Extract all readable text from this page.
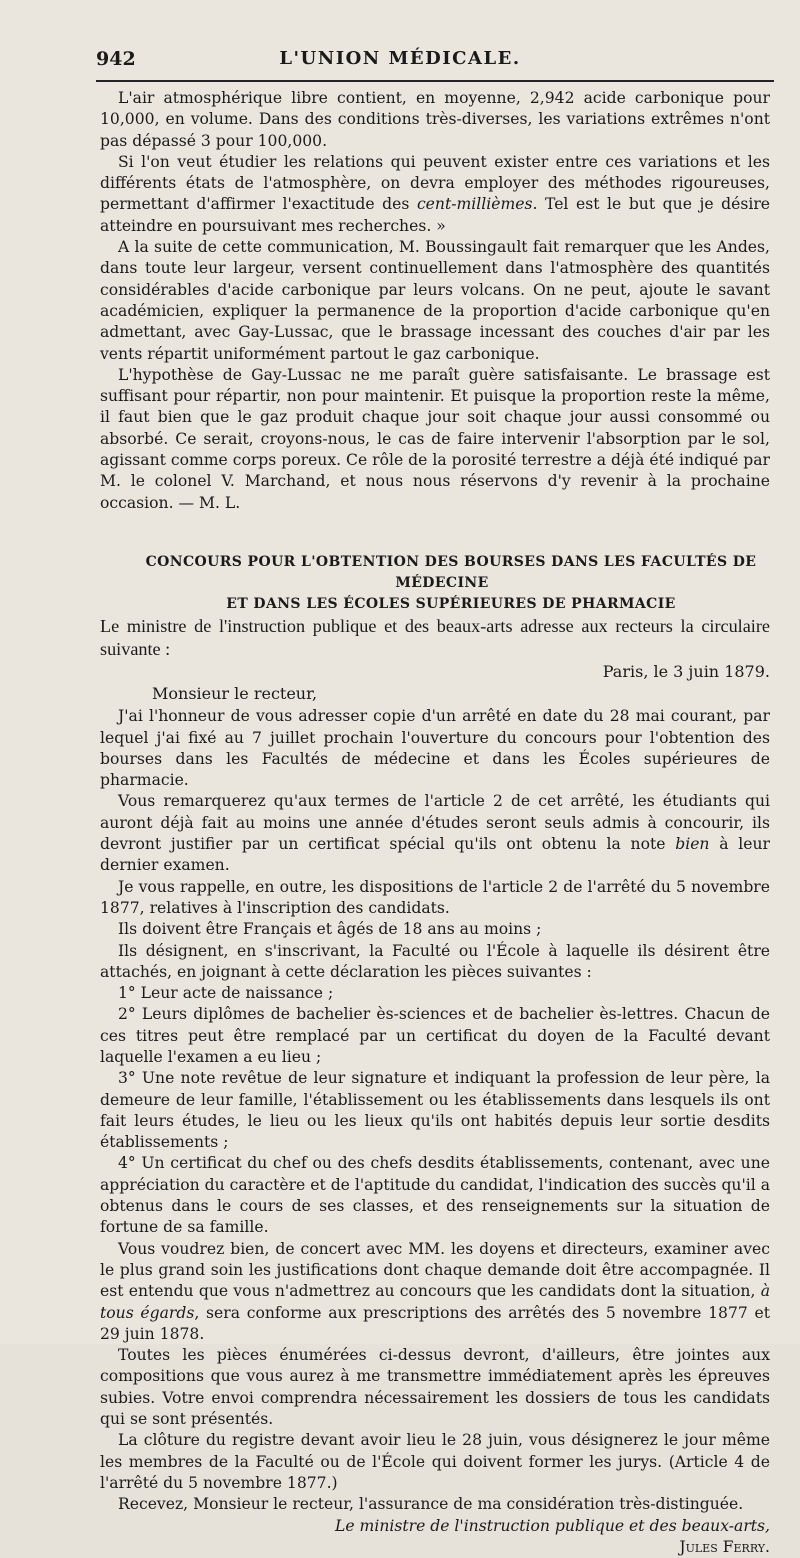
942	L'UNION MÉDICALE.

L'air atmosphérique libre contient, en moyenne, 2,942 acide carbonique pour 10,000, en volume. Dans des conditions très-diverses, les variations extrêmes n'ont pas dépassé 3 pour 100,000.

Si l'on veut étudier les relations qui peuvent exister entre ces variations et les différents états de l'atmosphère, on devra employer des méthodes rigoureuses, permettant d'affirmer l'exactitude des cent-millièmes. Tel est le but que je désire atteindre en poursuivant mes recherches. »

A la suite de cette communication, M. Boussingault fait remarquer que les Andes, dans toute leur largeur, versent continuellement dans l'atmosphère des quantités considérables d'acide carbonique par leurs volcans. On ne peut, ajoute le savant académicien, expliquer la permanence de la proportion d'acide carbonique qu'en admettant, avec Gay-Lussac, que le brassage incessant des couches d'air par les vents répartit uniformément partout le gaz carbonique.

L'hypothèse de Gay-Lussac ne me paraît guère satisfaisante. Le brassage est suffisant pour répartir, non pour maintenir. Et puisque la proportion reste la même, il faut bien que le gaz produit chaque jour soit chaque jour aussi consommé ou absorbé. Ce serait, croyons-nous, le cas de faire intervenir l'absorption par le sol, agissant comme corps poreux. Ce rôle de la porosité terrestre a déjà été indiqué par M. le colonel V. Marchand, et nous nous réservons d'y revenir à la prochaine occasion. — M. L.

CONCOURS POUR L'OBTENTION DES BOURSES DANS LES FACULTÉS DE MÉDECINE

ET DANS LES ÉCOLES SUPÉRIEURES DE PHARMACIE

Le ministre de l'instruction publique et des beaux-arts adresse aux recteurs la circulaire suivante :

Paris, le 3 juin 1879.

Monsieur le recteur,

J'ai l'honneur de vous adresser copie d'un arrêté en date du 28 mai courant, par lequel j'ai fixé au 7 juillet prochain l'ouverture du concours pour l'obtention des bourses dans les Facultés de médecine et dans les Écoles supérieures de pharmacie.

Vous remarquerez qu'aux termes de l'article 2 de cet arrêté, les étudiants qui auront déjà fait au moins une année d'études seront seuls admis à concourir, ils devront justifier par un certificat spécial qu'ils ont obtenu la note bien à leur dernier examen.

Je vous rappelle, en outre, les dispositions de l'article 2 de l'arrêté du 5 novembre 1877, relatives à l'inscription des candidats.

Ils doivent être Français et âgés de 18 ans au moins ;

Ils désignent, en s'inscrivant, la Faculté ou l'École à laquelle ils désirent être attachés, en joignant à cette déclaration les pièces suivantes :

1° Leur acte de naissance ;

2° Leurs diplômes de bachelier ès-sciences et de bachelier ès-lettres. Chacun de ces titres peut être remplacé par un certificat du doyen de la Faculté devant laquelle l'examen a eu lieu ;

3° Une note revêtue de leur signature et indiquant la profession de leur père, la demeure de leur famille, l'établissement ou les établissements dans lesquels ils ont fait leurs études, le lieu ou les lieux qu'ils ont habités depuis leur sortie desdits établissements ;

4° Un certificat du chef ou des chefs desdits établissements, contenant, avec une appréciation du caractère et de l'aptitude du candidat, l'indication des succès qu'il a obtenus dans le cours de ses classes, et des renseignements sur la situation de fortune de sa famille.

Vous voudrez bien, de concert avec MM. les doyens et directeurs, examiner avec le plus grand soin les justifications dont chaque demande doit être accompagnée. Il est entendu que vous n'admettrez au concours que les candidats dont la situation, à tous égards, sera conforme aux prescriptions des arrêtés des 5 novembre 1877 et 29 juin 1878.

Toutes les pièces énumérées ci-dessus devront, d'ailleurs, être jointes aux compositions que vous aurez à me transmettre immédiatement après les épreuves subies. Votre envoi comprendra nécessairement les dossiers de tous les candidats qui se sont présentés.

La clôture du registre devant avoir lieu le 28 juin, vous désignerez le jour même les membres de la Faculté ou de l'École qui doivent former les jurys. (Article 4 de l'arrêté du 5 novembre 1877.)

Recevez, Monsieur le recteur, l'assurance de ma considération très-distinguée.

Le ministre de l'instruction publique et des beaux-arts,

Jules Ferry.
